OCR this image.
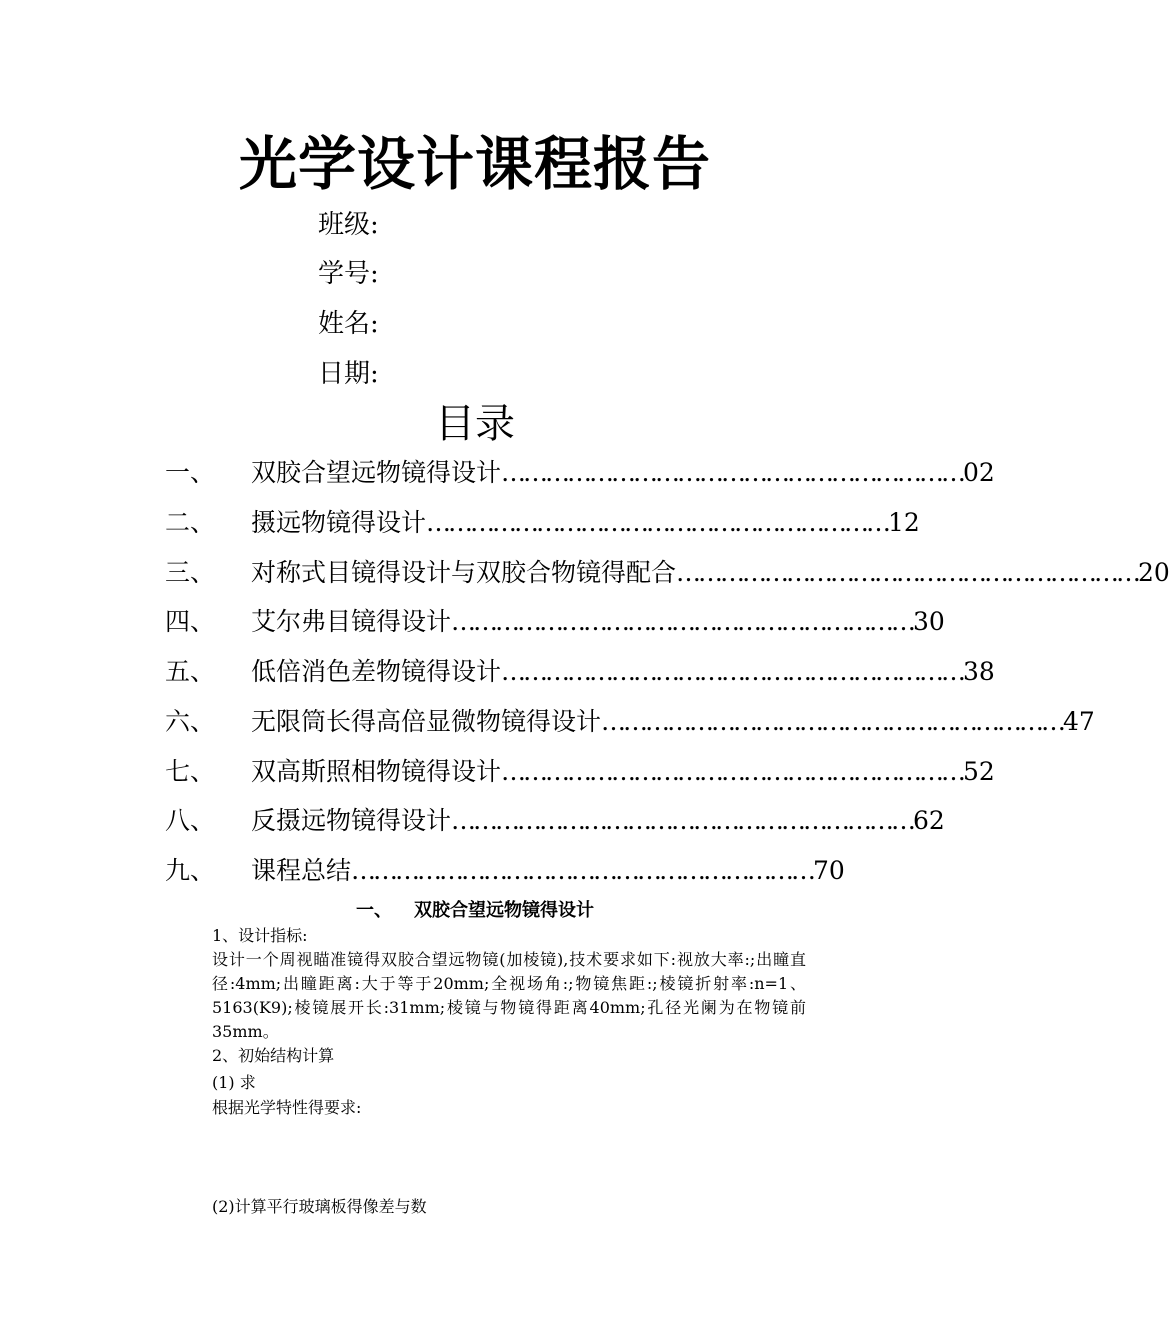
光学设计课程报告
班级:
学号:
姓名:
日期:
目录
一、	双胶合望远物镜得设计 ……………………………………………………… 02
二、	摄远物镜得设计 ……………………………………………………… 12
三、	对称式目镜得设计与双胶合物镜得配合 ……………………………………………………… 20
四、	艾尔弗目镜得设计 ……………………………………………………… 30
五、	低倍消色差物镜得设计 ……………………………………………………… 38
六、	无限筒长得高倍显微物镜得设计 ……………………………………………………… 47
七、	双高斯照相物镜得设计 ……………………………………………………… 52
八、	反摄远物镜得设计 ……………………………………………………… 62
九、	课程总结 ……………………………………………………… 70
一、 双胶合望远物镜得设计
1、设计指标:
设计一个周视瞄准镜得双胶合望远物镜(加棱镜),技术要求如下:视放大率:;出瞳直径:4mm;出瞳距离:大于等于20mm;全视场角:;物镜焦距:;棱镜折射率:n=1、5163(K9);棱镜展开长:31mm;棱镜与物镜得距离40mm;孔径光阑为在物镜前35mm。
2、初始结构计算
(1) 求
根据光学特性得要求:
(2)计算平行玻璃板得像差与数
